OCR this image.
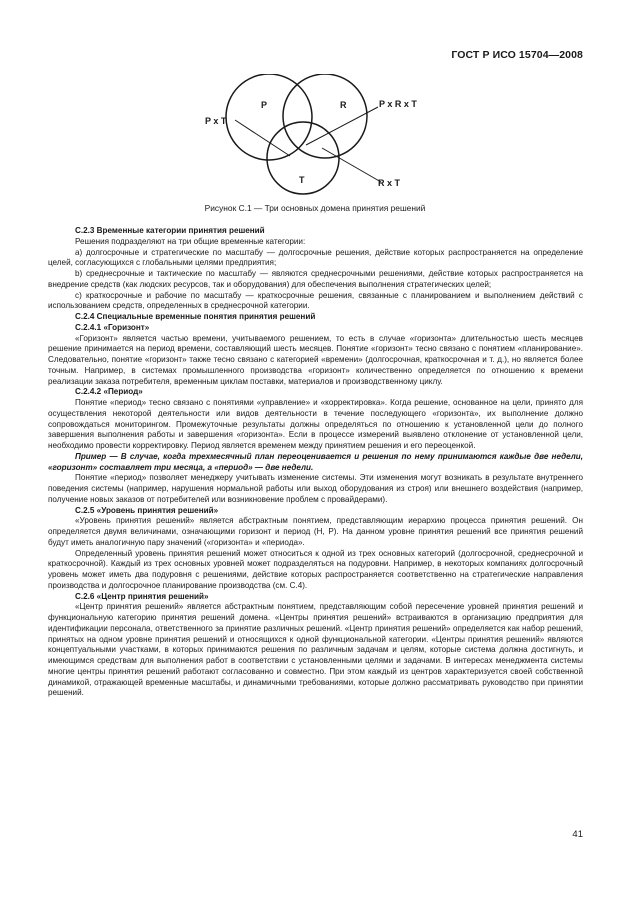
ГОСТ Р ИСО 15704—2008
P	R
T
P x T
P x R x T
R x T
Рисунок С.1 — Три основных домена принятия решений

С.2.3 Временные категории принятия решений

Решения подразделяют на три общие временные категории:

a) долгосрочные и стратегические по масштабу — долгосрочные решения, действие которых распространяется на определение целей, согласующихся с глобальными целями предприятия;

b) среднесрочные и тактические по масштабу — являются среднесрочными решениями, действие которых распространяется на внедрение средств (как людских ресурсов, так и оборудования) для обеспечения выполнения стратегических целей;

c) краткосрочные и рабочие по масштабу — краткосрочные решения, связанные с планированием и выполнением действий с использованием средств, определенных в среднесрочной категории.

С.2.4 Специальные временные понятия принятия решений

С.2.4.1 «Горизонт»

«Горизонт» является частью времени, учитываемого решением, то есть в случае «горизонта» длительностью шесть месяцев решение принимается на период времени, составляющий шесть месяцев. Понятие «горизонт» тесно связано с понятием «планирование». Следовательно, понятие «горизонт» также тесно связано с категорией «времени» (долгосрочная, краткосрочная и т. д.), но является более точным. Например, в системах промышленного производства «горизонт» количественно определяется по отношению к времени реализации заказа потребителя, временным циклам поставки, материалов и производственному циклу.

С.2.4.2 «Период»

Понятие «период» тесно связано с понятиями «управление» и «корректировка». Когда решение, основанное на цели, принято для осуществления некоторой деятельности или видов деятельности в течение последующего «горизонта», их выполнение должно сопровождаться мониторингом. Промежуточные результаты должны определяться по отношению к установленной цели до полного завершения выполнения работы и завершения «горизонта». Если в процессе измерений выявлено отклонение от установленной цели, необходимо провести корректировку. Период является временем между принятием решения и его переоценкой.

Пример — В случае, когда трехмесячный план переоценивается и решения по нему принимаются каждые две недели, «горизонт» составляет три месяца, а «период» — две недели.

Понятие «период» позволяет менеджеру учитывать изменение системы. Эти изменения могут возникать в результате внутреннего поведения системы (например, нарушения нормальной работы или выход оборудования из строя) или внешнего воздействия (например, получение новых заказов от потребителей или возникновение проблем с провайдерами).

С.2.5 «Уровень принятия решений»

«Уровень принятия решений» является абстрактным понятием, представляющим иерархию процесса принятия решений. Он определяется двумя величинами, означающими горизонт и период (H, P). На данном уровне принятия решений все принятия решений будут иметь аналогичную пару значений («горизонта» и «периода».

Определенный уровень принятия решений может относиться к одной из трех основных категорий (долгосрочной, среднесрочной и краткосрочной). Каждый из трех основных уровней может подразделяться на подуровни. Например, в некоторых компаниях долгосрочный уровень может иметь два подуровня с решениями, действие которых распространяется соответственно на стратегические направления производства и долгосрочное планирование производства (см. С.4).

С.2.6 «Центр принятия решений»

«Центр принятия решений» является абстрактным понятием, представляющим собой пересечение уровней принятия решений и функциональную категорию принятия решений домена. «Центры принятия решений» встраиваются в организацию предприятия для идентификации персонала, ответственного за принятие различных решений. «Центр принятия решений» определяется как набор решений, принятых на одном уровне принятия решений и относящихся к одной функциональной категории. «Центры принятия решений» являются концептуальными участками, в которых принимаются решения по различным задачам и целям, которые система должна достигнуть, и имеющимся средствам для выполнения работ в соответствии с установленными целями и задачами. В интересах менеджмента системы многие центры принятия решений работают согласованно и совместно. При этом каждый из центров характеризуется своей собственной динамикой, отражающей временные масштабы, и динамичными требованиями, которые должно рассматривать руководство при принятии решений.

41
